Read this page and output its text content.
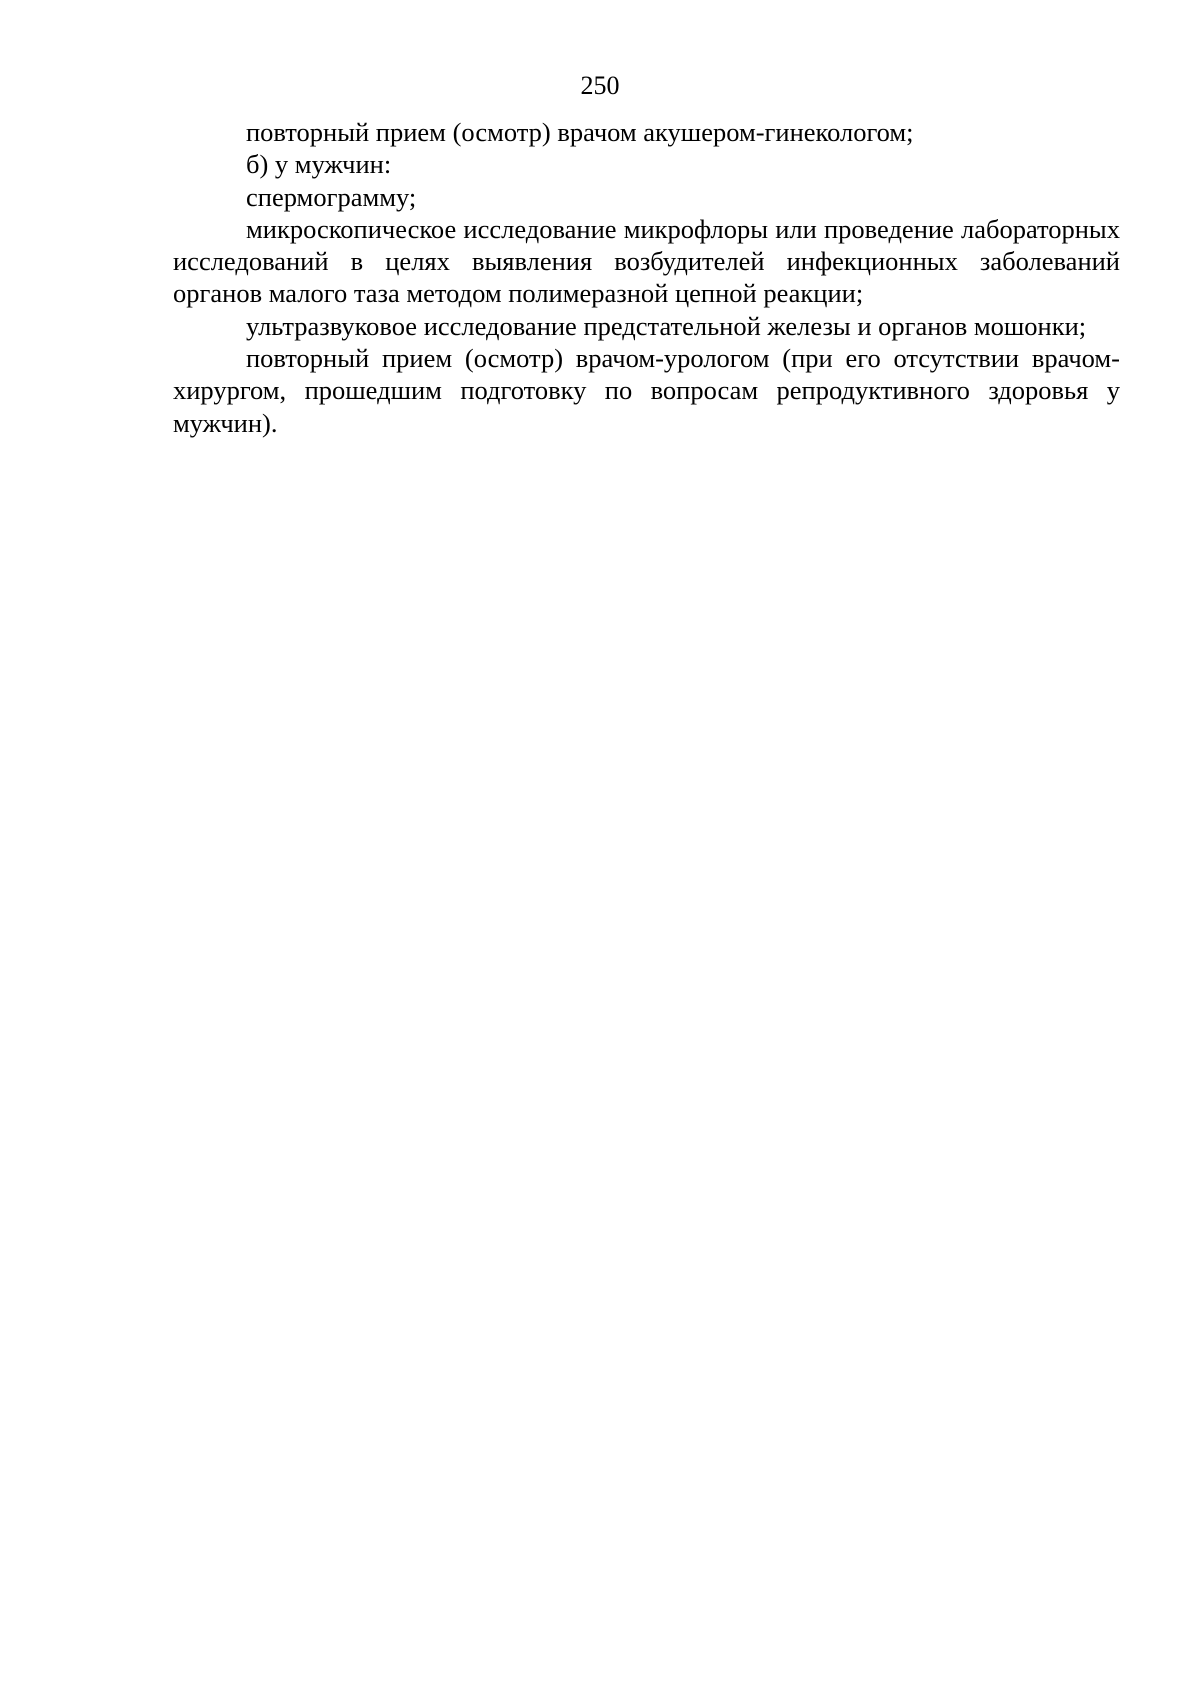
250

повторный прием (осмотр) врачом акушером-гинекологом;

б) у мужчин:

спермограмму;

микроскопическое исследование микрофлоры или проведение лабораторных исследований в целях выявления возбудителей инфекционных заболеваний органов малого таза методом полимеразной цепной реакции;

ультразвуковое исследование предстательной железы и органов мошонки;

повторный прием (осмотр) врачом-урологом (при его отсутствии врачом-хирургом, прошедшим подготовку по вопросам репродуктивного здоровья у мужчин).
